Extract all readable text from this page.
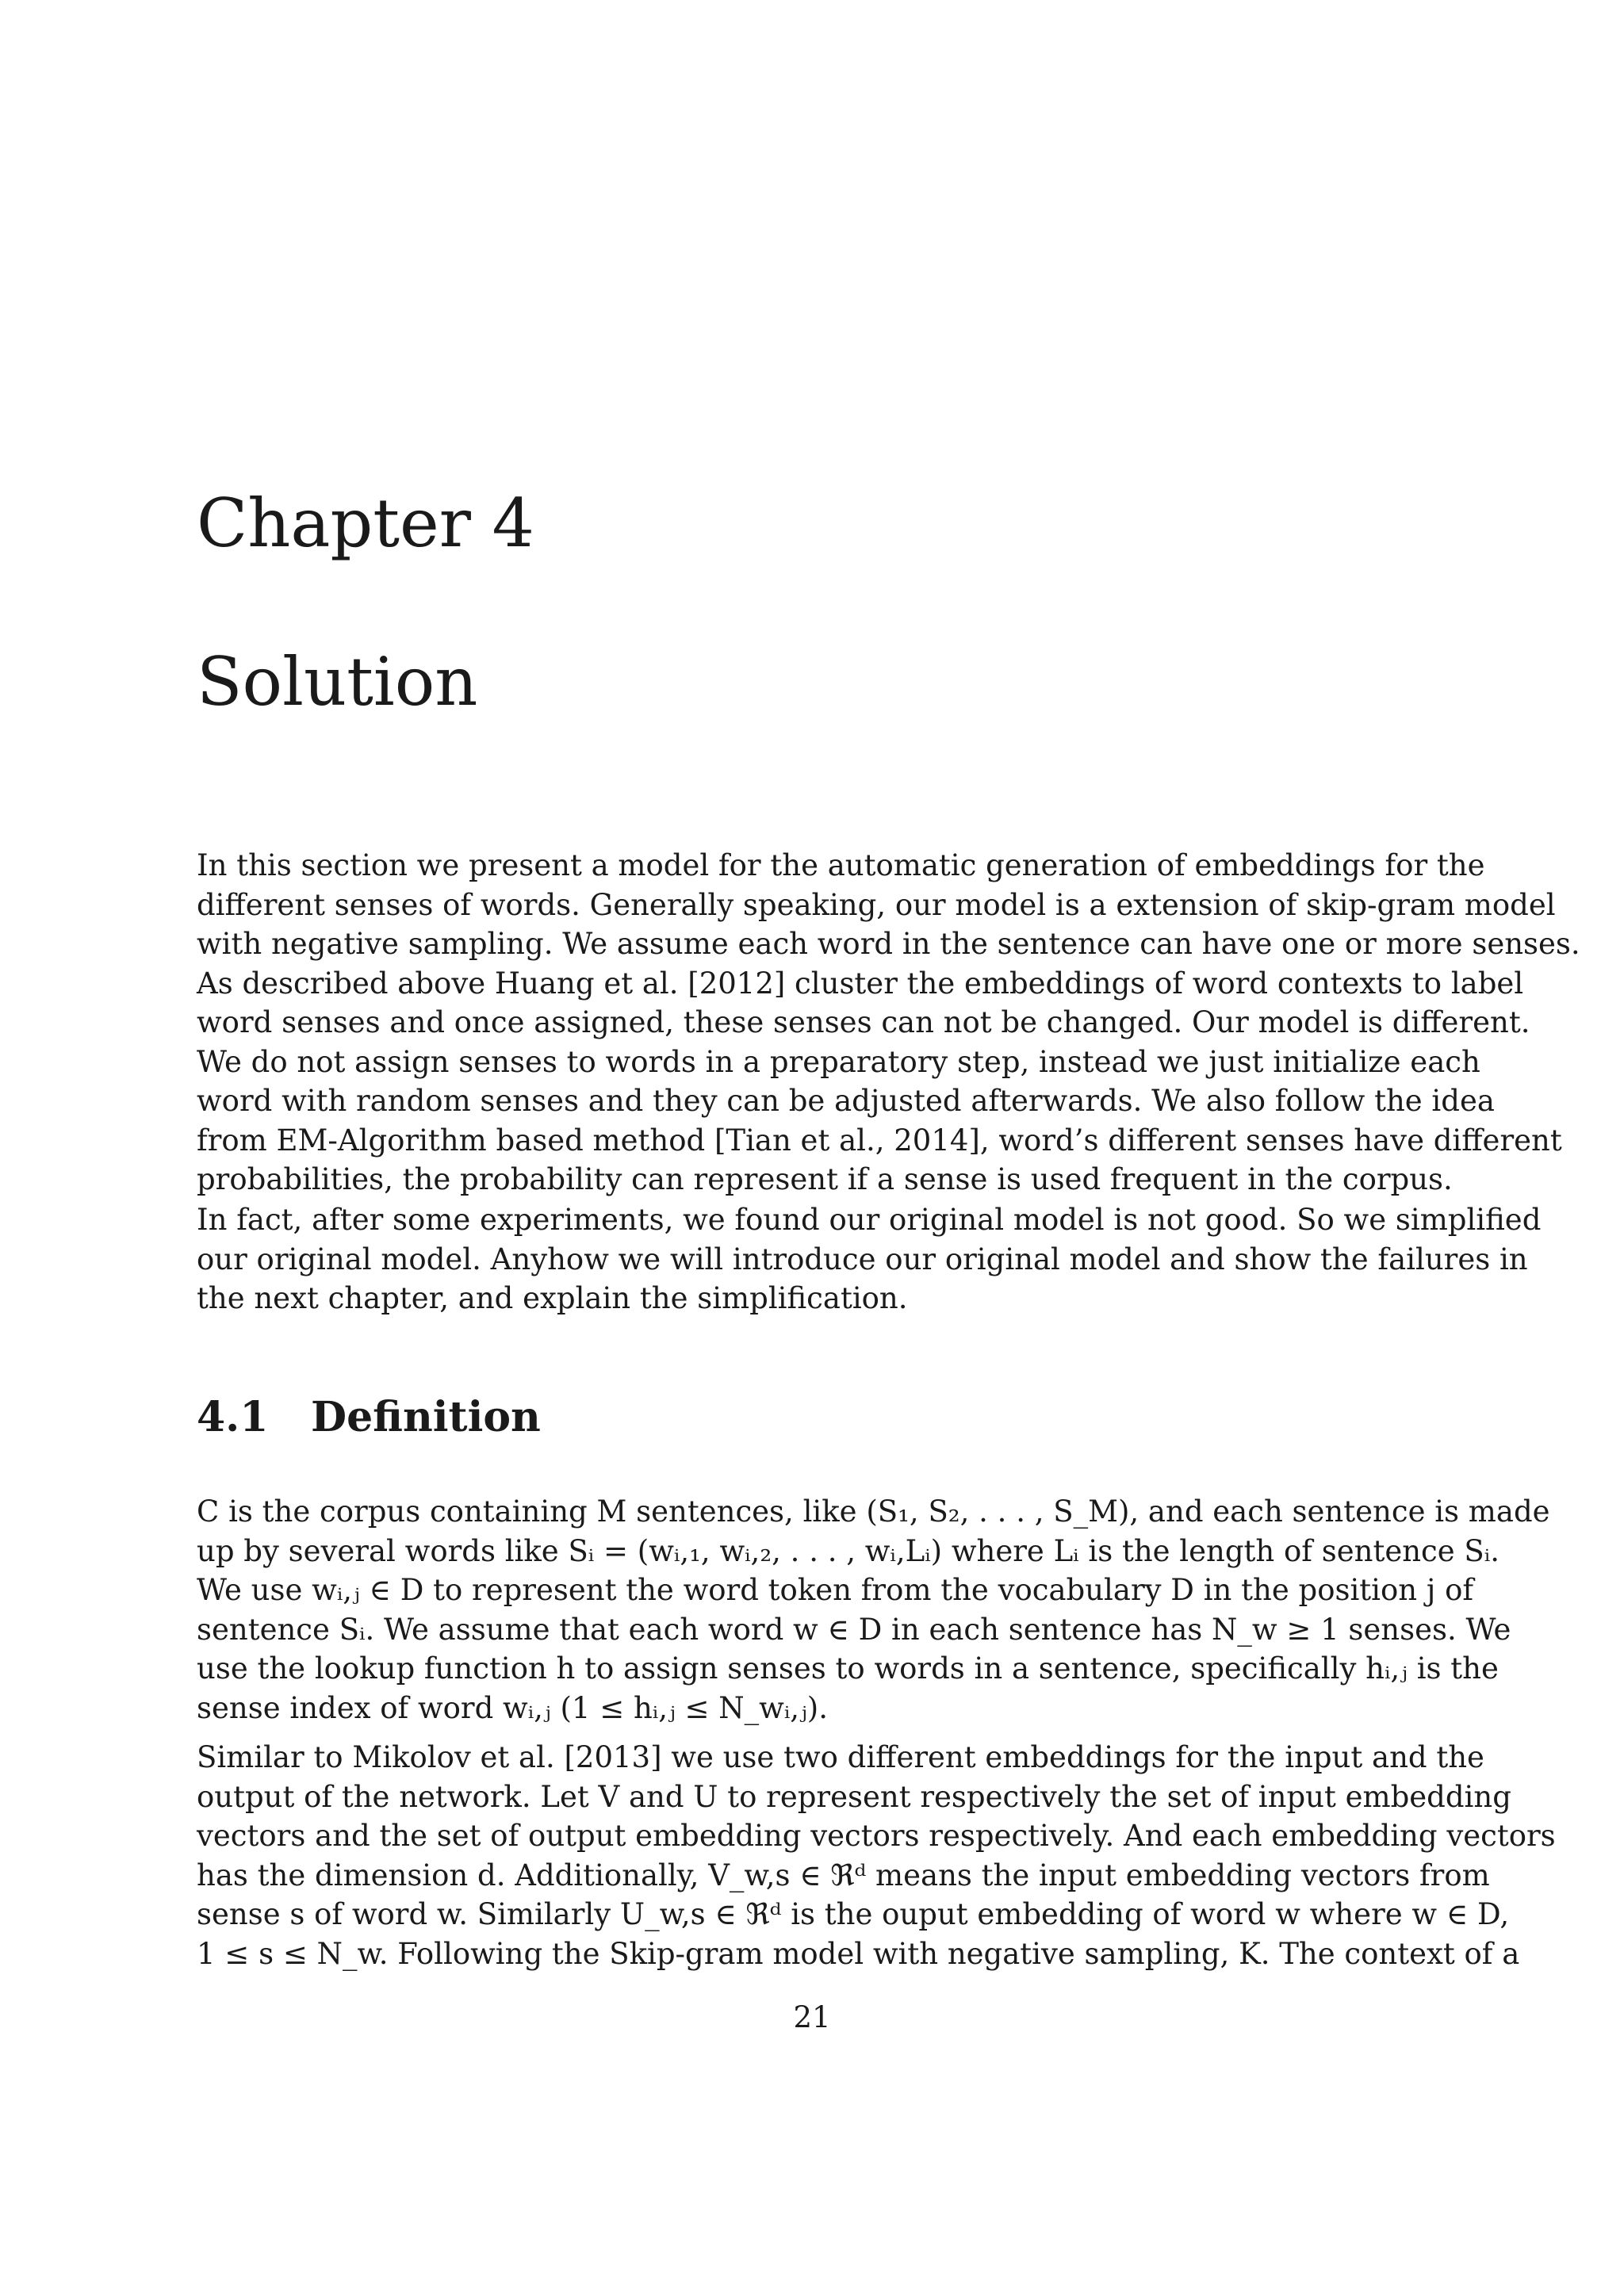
Chapter 4
Solution
In this section we present a model for the automatic generation of embeddings for the
different senses of words. Generally speaking, our model is a extension of skip-gram model
with negative sampling. We assume each word in the sentence can have one or more senses.
As described above Huang et al. [2012] cluster the embeddings of word contexts to label
word senses and once assigned, these senses can not be changed. Our model is different.
We do not assign senses to words in a preparatory step, instead we just initialize each
word with random senses and they can be adjusted afterwards. We also follow the idea
from EM-Algorithm based method [Tian et al., 2014], word’s different senses have different
probabilities, the probability can represent if a sense is used frequent in the corpus.
In fact, after some experiments, we found our original model is not good. So we simplified
our original model. Anyhow we will introduce our original model and show the failures in
the next chapter, and explain the simplification.
4.1 Definition
C is the corpus containing M sentences, like (S₁, S₂, . . . , S_M), and each sentence is made
up by several words like Sᵢ = (wᵢ,₁, wᵢ,₂, . . . , wᵢ,Lᵢ) where Lᵢ is the length of sentence Sᵢ.
We use wᵢ,ⱼ ∈ D to represent the word token from the vocabulary D in the position j of
sentence Sᵢ. We assume that each word w ∈ D in each sentence has N_w ≥ 1 senses. We
use the lookup function h to assign senses to words in a sentence, specifically hᵢ,ⱼ is the
sense index of word wᵢ,ⱼ (1 ≤ hᵢ,ⱼ ≤ N_wᵢ,ⱼ).
Similar to Mikolov et al. [2013] we use two different embeddings for the input and the
output of the network. Let V and U to represent respectively the set of input embedding
vectors and the set of output embedding vectors respectively. And each embedding vectors
has the dimension d. Additionally, V_w,s ∈ ℜᵈ means the input embedding vectors from
sense s of word w. Similarly U_w,s ∈ ℜᵈ is the ouput embedding of word w where w ∈ D,
1 ≤ s ≤ N_w. Following the Skip-gram model with negative sampling, K. The context of a
21
